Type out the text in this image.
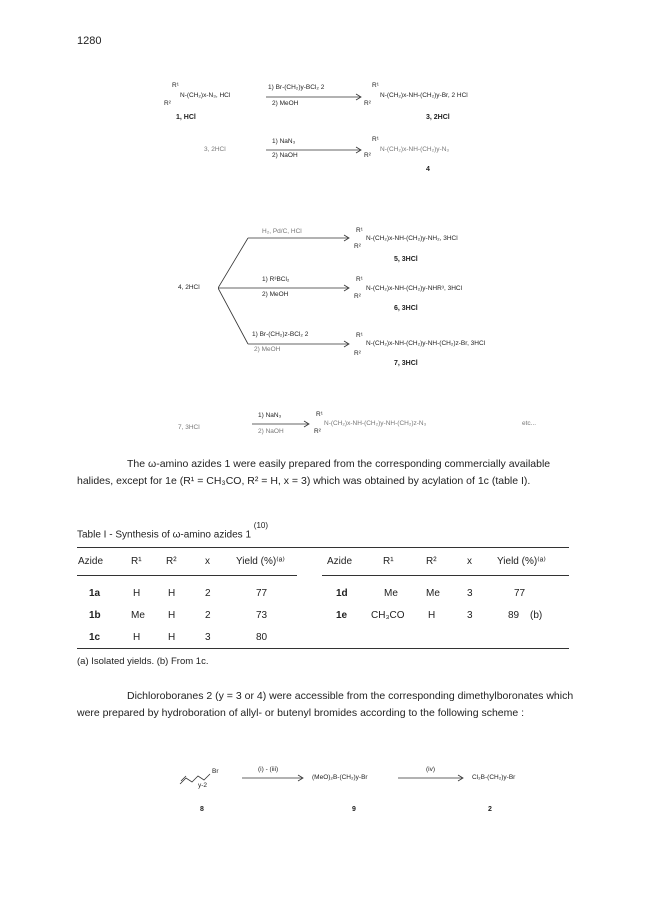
1280
R¹
R²
N-(CH₂)x-N₃, HCl
1, HCl
1) Br-(CH₂)y-BCl₂ 2
2) MeOH
R¹
R²
N-(CH₂)x-NH-(CH₂)y-Br, 2 HCl
3, 2HCl
3, 2HCl
1) NaN₃
2) NaOH
R¹
R²
N-(CH₂)x-NH-(CH₂)y-N₃
4
4, 2HCl
H₂, Pd/C, HCl	R¹
R²
N-(CH₂)x-NH-(CH₂)y-NH₂, 3HCl
5, 3HCl
1) R³BCl₂
2) MeOH
R¹
R²
N-(CH₂)x-NH-(CH₂)y-NHR³, 3HCl
6, 3HCl
1) Br-(CH₂)z-BCl₂ 2
2) MeOH
R¹
R²
N-(CH₂)x-NH-(CH₂)y-NH-(CH₂)z-Br, 3HCl
7, 3HCl
7, 3HCl
1) NaN₃
2) NaOH
R¹
R²
N-(CH₂)x-NH-(CH₂)y-NH-(CH₂)z-N₃	etc...
The ω-amino azides 1 were easily prepared from the corresponding commercially available halides, except for 1e (R¹ = CH₃CO, R² = H, x = 3) which was obtained by acylation of 1c (table I).
Table I - Synthesis of ω-amino azides 1 $^{(10)}$
Azide	R¹ R²	x	Yield (%)⁽ᵃ⁾	Azide	R¹	R²	x	Yield (%)⁽ᵃ⁾
1a	H	H	2	77
1b	Me H	2	73
1c	H	H	3	80
1d	Me	Me	3	77
1e CH₃CO H	3	89 (b)
(a) Isolated yields. (b) From 1c.
Dichloroboranes 2 (y = 3 or 4) were accessible from the corresponding dimethylboronates which were prepared by hydroboration of allyl- or butenyl bromides according to the following scheme :
Br
y-2
(i) - (iii)
(MeO)₂B-(CH₂)y-Br
(iv)
Cl₂B-(CH₂)y-Br
8	9	2
